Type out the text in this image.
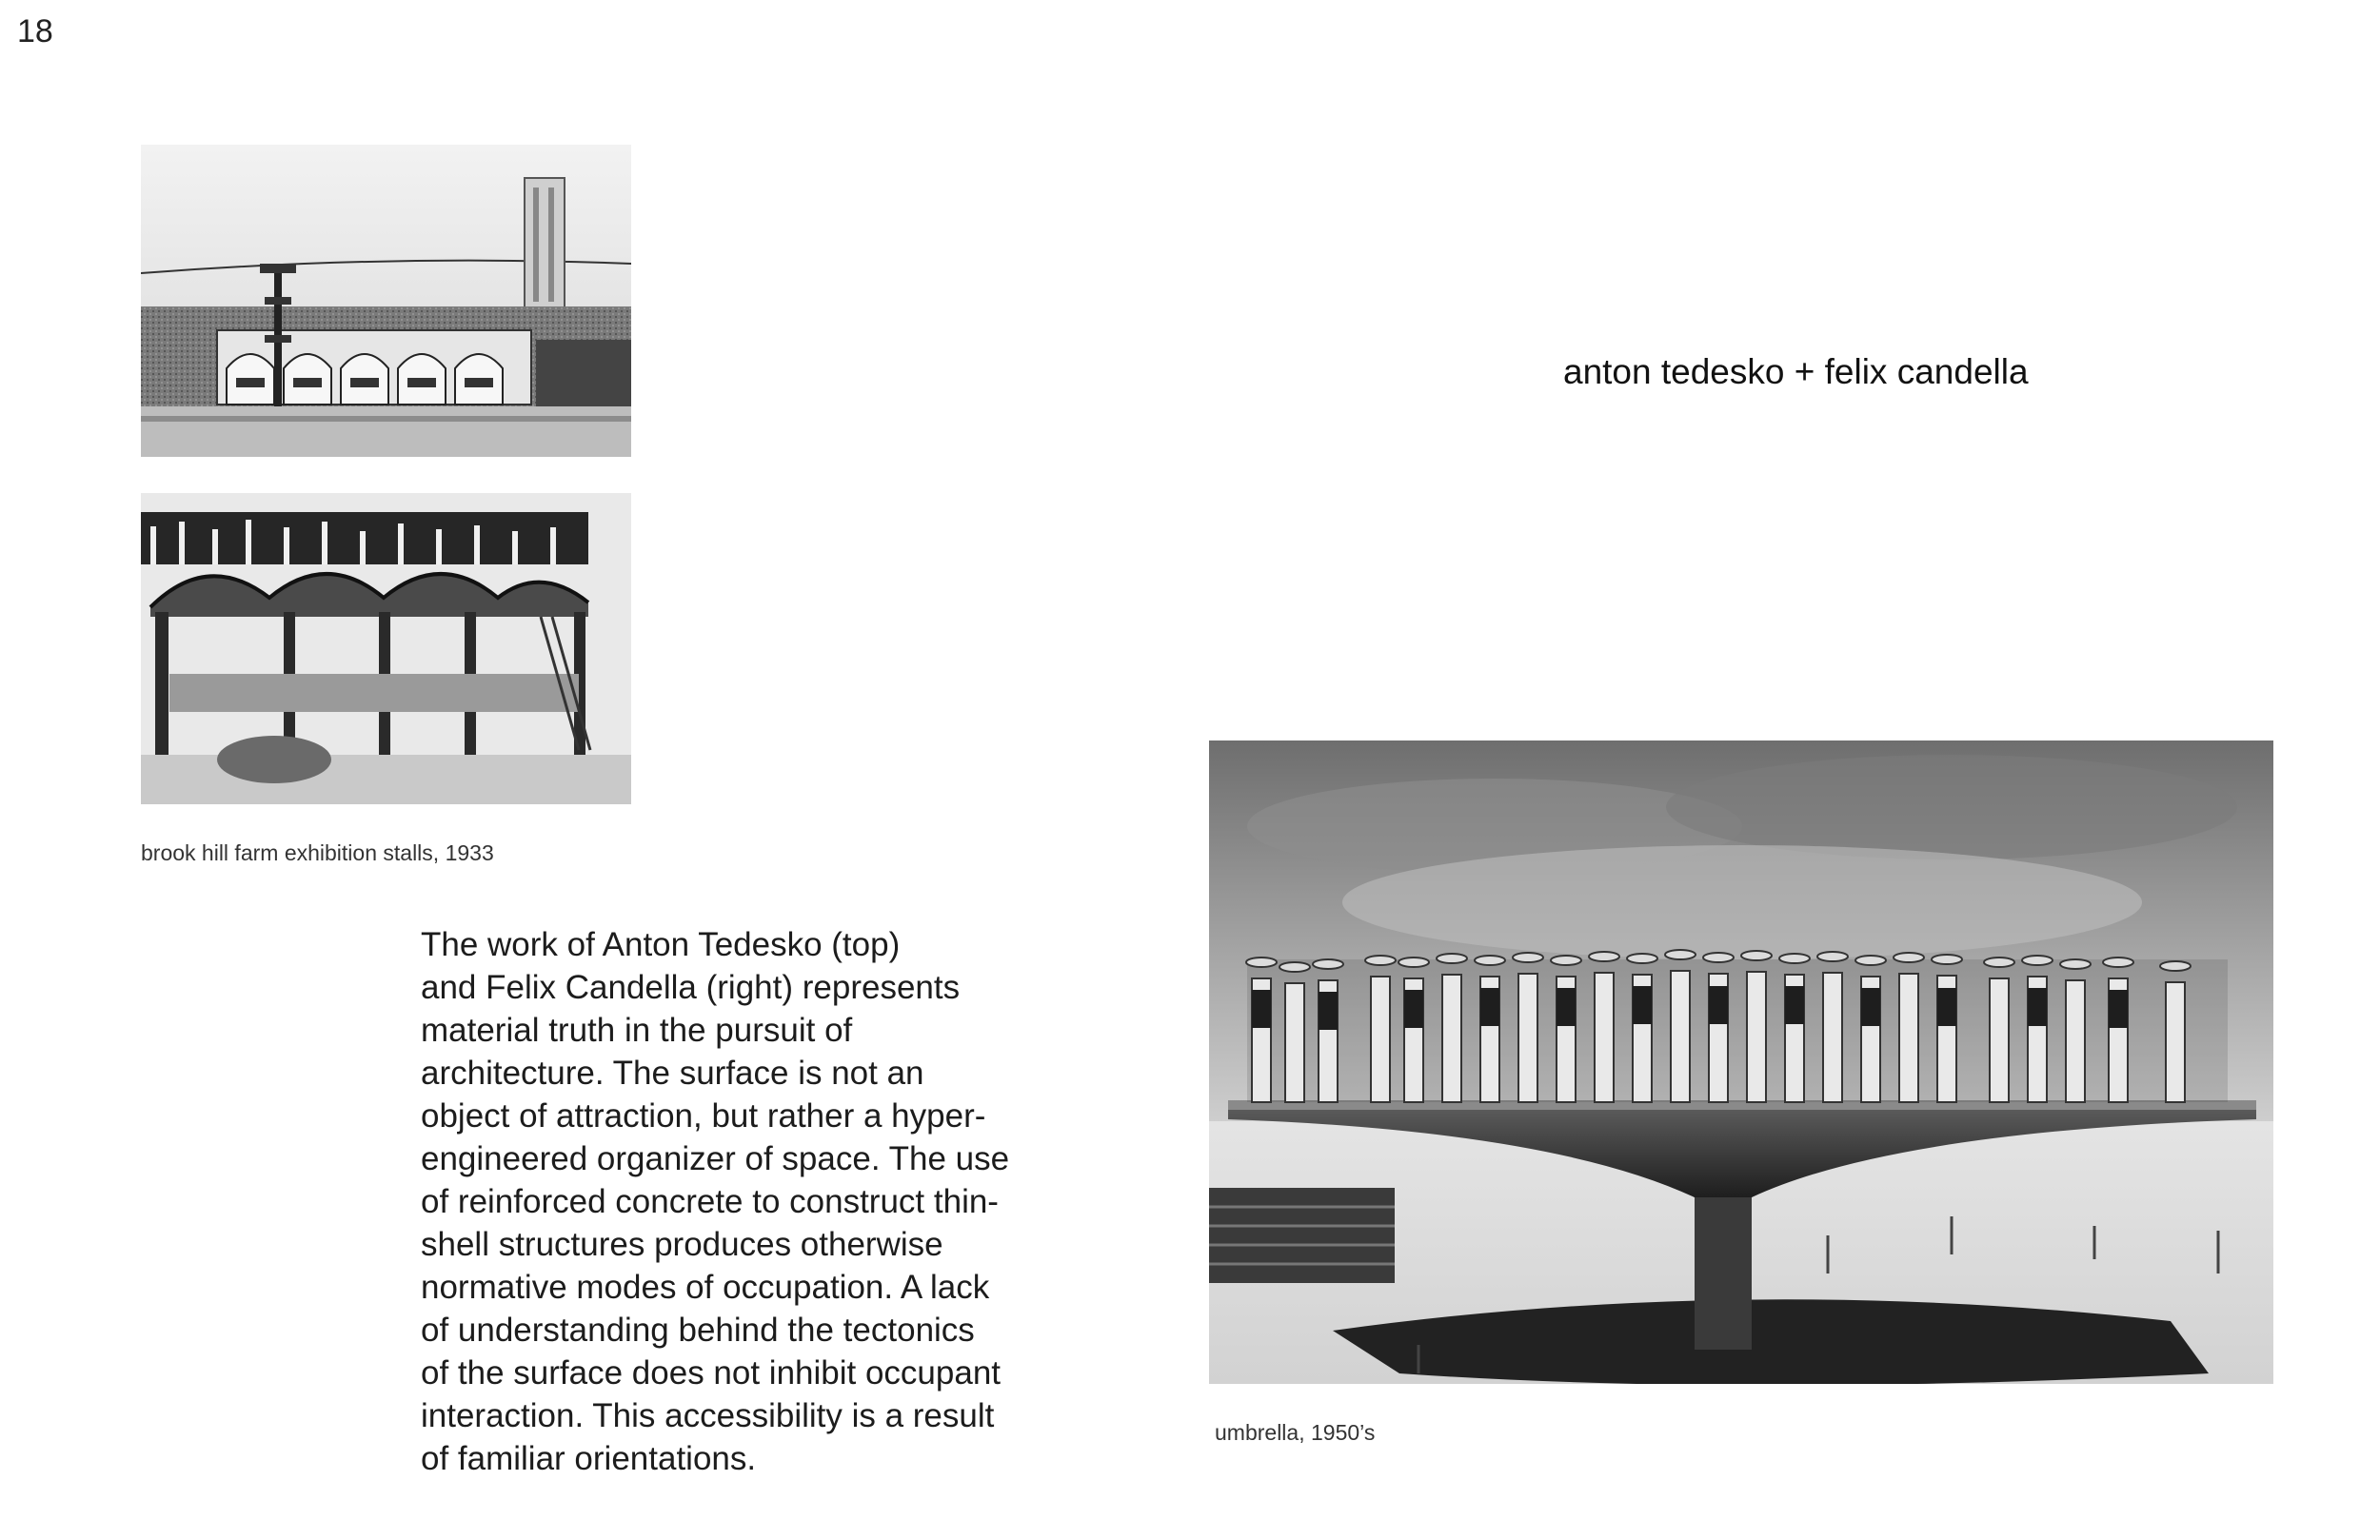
18
brook hill farm exhibition stalls, 1933
anton tedesko + felix candella
The work of Anton Tedesko (top)
and Felix Candella (right) represents
material truth in the pursuit of
architecture. The surface is not an
object of attraction, but rather a hyper-
engineered organizer of space. The use
of reinforced concrete to construct thin-
shell structures produces otherwise
normative modes of occupation. A lack
of understanding behind the tectonics
of the surface does not inhibit occupant
interaction. This accessibility is a result
of familiar orientations.
umbrella, 1950’s
